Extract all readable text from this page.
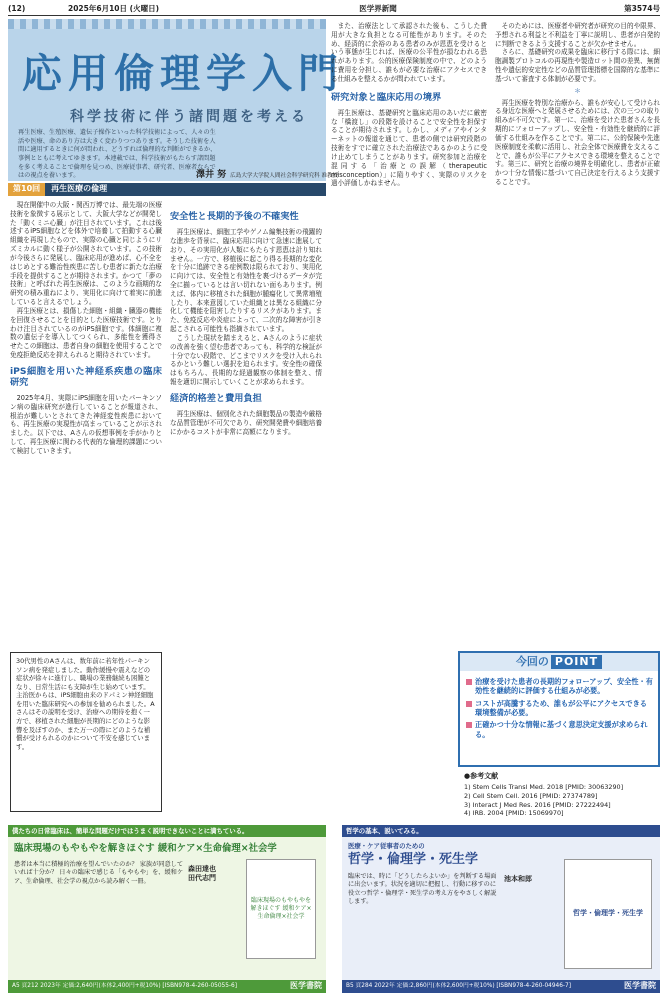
(12)	2025年6月10日 (火曜日)	医学界新聞	第3574号
応用倫理学入門
科学技術に伴う諸問題を考える
再生医療、生殖医療、遺伝子操作といった科学技術によって、人々の生活や医療、命のあり方は大きく変わりつつあります。そうした技術を人間に適用するときに何が問われ、どうすれば倫理的な判断ができるか、事例とともに考えてゆきます。本連載では、科学技術がもたらす諸問題を多く考えることで倫理を見つめ、医療従事者、研究者、医療者ならではの視点を養います。	澤井 努 広島大学大学院人間社会科学研究科 准教授
第10回	再生医療の倫理

現在開催中の大阪・関西万博では、最先端の医療技術を象徴する展示として、大阪大学などが開発した「動くミニ心臓」が注目されています。これは後述するiPS細胞などを体外で培養して拍動する心臓組織を再現したもので、実際の心臓と同じようにリズミカルに動く様子が公開されています。この技術が今後さらに発展し、臨床応用が進めば、心不全をはじめとする難治性疾患に苦しむ患者に新たな治療手段を提供することが期待されます。かつて「夢の技術」と呼ばれた再生医療は、このような画期的な研究の積み重ねにより、実用化に向けて着実に前進していると言えるでしょう。

再生医療とは、損傷した細胞・組織・臓器の機能を回復させることを目的とした医療技術です。とりわけ注目されているのがiPS細胞です。体細胞に複数の遺伝子を導入してつくられ、多能性を獲得させたこの細胞は、患者自身の細胞を使用することで免疫拒絶反応を抑えられると期待されています。

iPS細胞を用いた神経系疾患の臨床研究

2025年4月、実際にiPS細胞を用いたパーキンソン病の臨床研究が進行していることが報道され、根治が難しいとされてきた神経変性疾患においても、再生医療の実現性が高まっていることが示されました。以下では、Aさんの仮想事例を手がかりとして、再生医療に関わる代表的な倫理的課題について検討していきます。

30代男性のAさんは、数年前に若年性パーキンソン病を発症しました。動作緩慢や震えなどの症状が徐々に進行し、職場の業務継続も困難となり、日常生活にも支障が生じ始めています。主治医からは、iPS細胞由来のドパミン神経細胞を用いた臨床研究への参加を勧められました。Aさんはその説明を受け、治療への期待を抱く一方で、移植された細胞が長期的にどのような影響を及ぼすのか、また万一の際にどのような補償が受けられるのかについて不安を感じています。
安全性と長期的予後の不確実性

再生医療は、細胞工学やゲノム編集技術の飛躍的な進歩を背景に、臨床応用に向けて急速に進展しており、その実用化が人類にもたらす恩恵は計り知れません。一方で、移植後に起こり得る長期的な変化を十分に追跡できる症例数は限られており、実用化に向けては、安全性と有効性を裏づけるデータが完全に揃っているとは言い切れない面もあります。例えば、体内に移植された細胞が腫瘍化して異常増殖したり、本来意図していた組織とは異なる組織に分化して機能を阻害したりするリスクがあります。また、免疫反応や炎症によって、二次的な障害が引き起こされる可能性も指摘されています。

こうした現状を踏まえると、Aさんのように症状の改善を強く望む患者であっても、科学的な検証が十分でない段階で、どこまでリスクを受け入れられるかという難しい選択を迫られます。安全性の確保はもちろん、長期的な経過観察の体制を整え、情報を適切に開示していくことが求められます。

経済的格差と費用負担

再生医療は、個別化された細胞製品の製造や厳格な品質管理が不可欠であり、研究開発費や細胞培養にかかるコストが非常に高額になります。

また、治療法として承認された後も、こうした費用が大きな負担となる可能性があります。そのため、経済的に余裕のある患者のみが恩恵を受けるという事態が生じれば、医療の公平性が損なわれる恐れがあります。公的医療保険制度の中で、どのように費用を分担し、誰もが必要な治療にアクセスできる仕組みを整えるかが問われています。

研究対象と臨床応用の境界

再生医療は、基礎研究と臨床応用のあいだに厳密な「橋渡し」の段階を設けることで安全性を担保することが期待されます。しかし、メディアやインターネットの報道を通じて、患者の側では研究段階の技術をすでに確立された治療法であるかのように受け止めてしまうことがあります。研究参加と治療を混同する「治療との誤解（therapeutic misconception）」に陥りやすく、実際のリスクを過小評価しかねません。

そのためには、医療者や研究者が研究の目的や限界、予想される利益と不利益を丁寧に説明し、患者が自発的に判断できるよう支援することが欠かせません。

さらに、基礎研究の成果を臨床に移行する際には、細胞調製プロトコルの再現性や製造ロット間の差異、無菌性や遺伝的安定性などの品質管理指標を国際的な基準に基づいて審査する体制が必要です。

＊

再生医療を特別な治療から、誰もが安心して受けられる身近な医療へと発展させるためには、次の三つの取り組みが不可欠です。第一に、治療を受けた患者さんを長期的にフォローアップし、安全性・有効性を継続的に評価する仕組みを作ることです。第二に、公的保険や先進医療制度を柔軟に活用し、社会全体で医療費を支えることで、誰もが公平にアクセスできる環境を整えることです。第三に、研究と治療の境界を明確化し、患者が正確かつ十分な情報に基づいて自己決定を行えるよう支援することです。

今回の POINT
治療を受けた患者の長期的フォローアップ、安全性・有効性を継続的に評価する仕組みが必要。
コストが高騰するため、誰もが公平にアクセスできる環境整備が必要。
正確かつ十分な情報に基づく意思決定支援が求められる。
●参考文献
1) Stem Cells Transl Med. 2018 [PMID: 30063290]
2) Cell Stem Cell. 2016 [PMID: 27374789]
3) Interact J Med Res. 2016 [PMID: 27222494]
4) IRB. 2004 [PMID: 15069970]
僕たちの日常臨床は、簡単な問題だけではうまく説明できないことに満ちている。
臨床現場のもやもやを解きほぐす 緩和ケア×生命倫理×社会学
患者は本当に積極的治療を望んでいたのか？ 家族が同意していれば十分か？ 日々の臨床で感じる「もやもや」を、緩和ケア、生命倫理、社会学の視点から読み解く一冊。
森田達也
田代志門
臨床現場のもやもやを解きほぐす 緩和ケア×生命倫理×社会学
A5 頁212 2023年 定価:2,640円(本体2,400円+税10%) [ISBN978-4-260-05055-6]	医学書院
哲学の基本、説いてみる。
医療・ケア従事者のための
哲学・倫理学・死生学
臨床では、時に「どうしたらよいか」を判断する場面に出会います。状況を適切に把握し、行動に移すのに役立つ哲学・倫理学・死生学の考え方をやさしく解説します。
池本和郎
哲学・倫理学・死生学
B5 頁284 2022年 定価:2,860円(本体2,600円+税10%) [ISBN978-4-260-04946-7]	医学書院
